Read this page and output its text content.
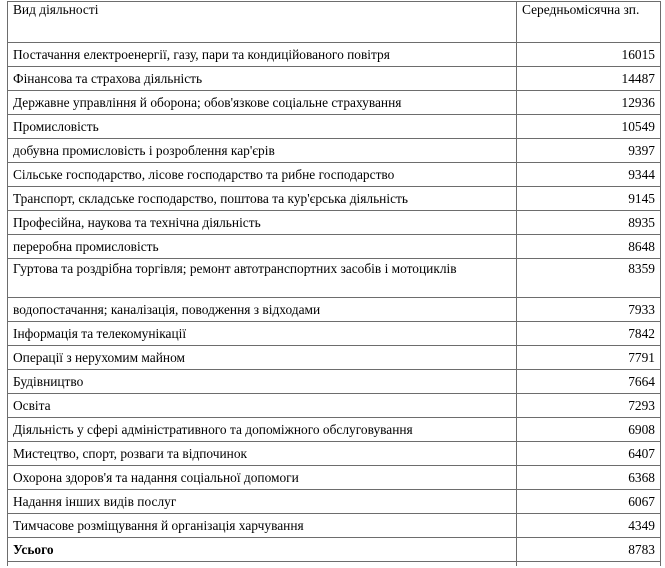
Вид діяльності	Середньомісячна зп.
Постачання електроенергії, газу, пари та кондиційованого повітря	16015
Фінансова та страхова діяльність	14487
Державне управління й оборона; обов'язкове соціальне страхування	12936
Промисловість	10549
добувна промисловість і розроблення кар'єрів	9397
Сільське господарство, лісове господарство та рибне господарство	9344
Транспорт, складське господарство, поштова та кур'єрська діяльність	9145
Професійна, наукова та технічна діяльність	8935
переробна промисловість	8648
Гуртова та роздрібна торгівля; ремонт автотранспортних засобів і мотоциклів	8359
водопостачання; каналізація, поводження з відходами	7933
Інформація та телекомунікації	7842
Операції з нерухомим майном	7791
Будівництво	7664
Освіта	7293
Діяльність у сфері адміністративного та допоміжного обслуговування	6908
Мистецтво, спорт, розваги та відпочинок	6407
Охорона здоров'я та надання соціальної допомоги	6368
Надання інших видів послуг	6067
Тимчасове розміщування й організація харчування	4349
Усього	8783
